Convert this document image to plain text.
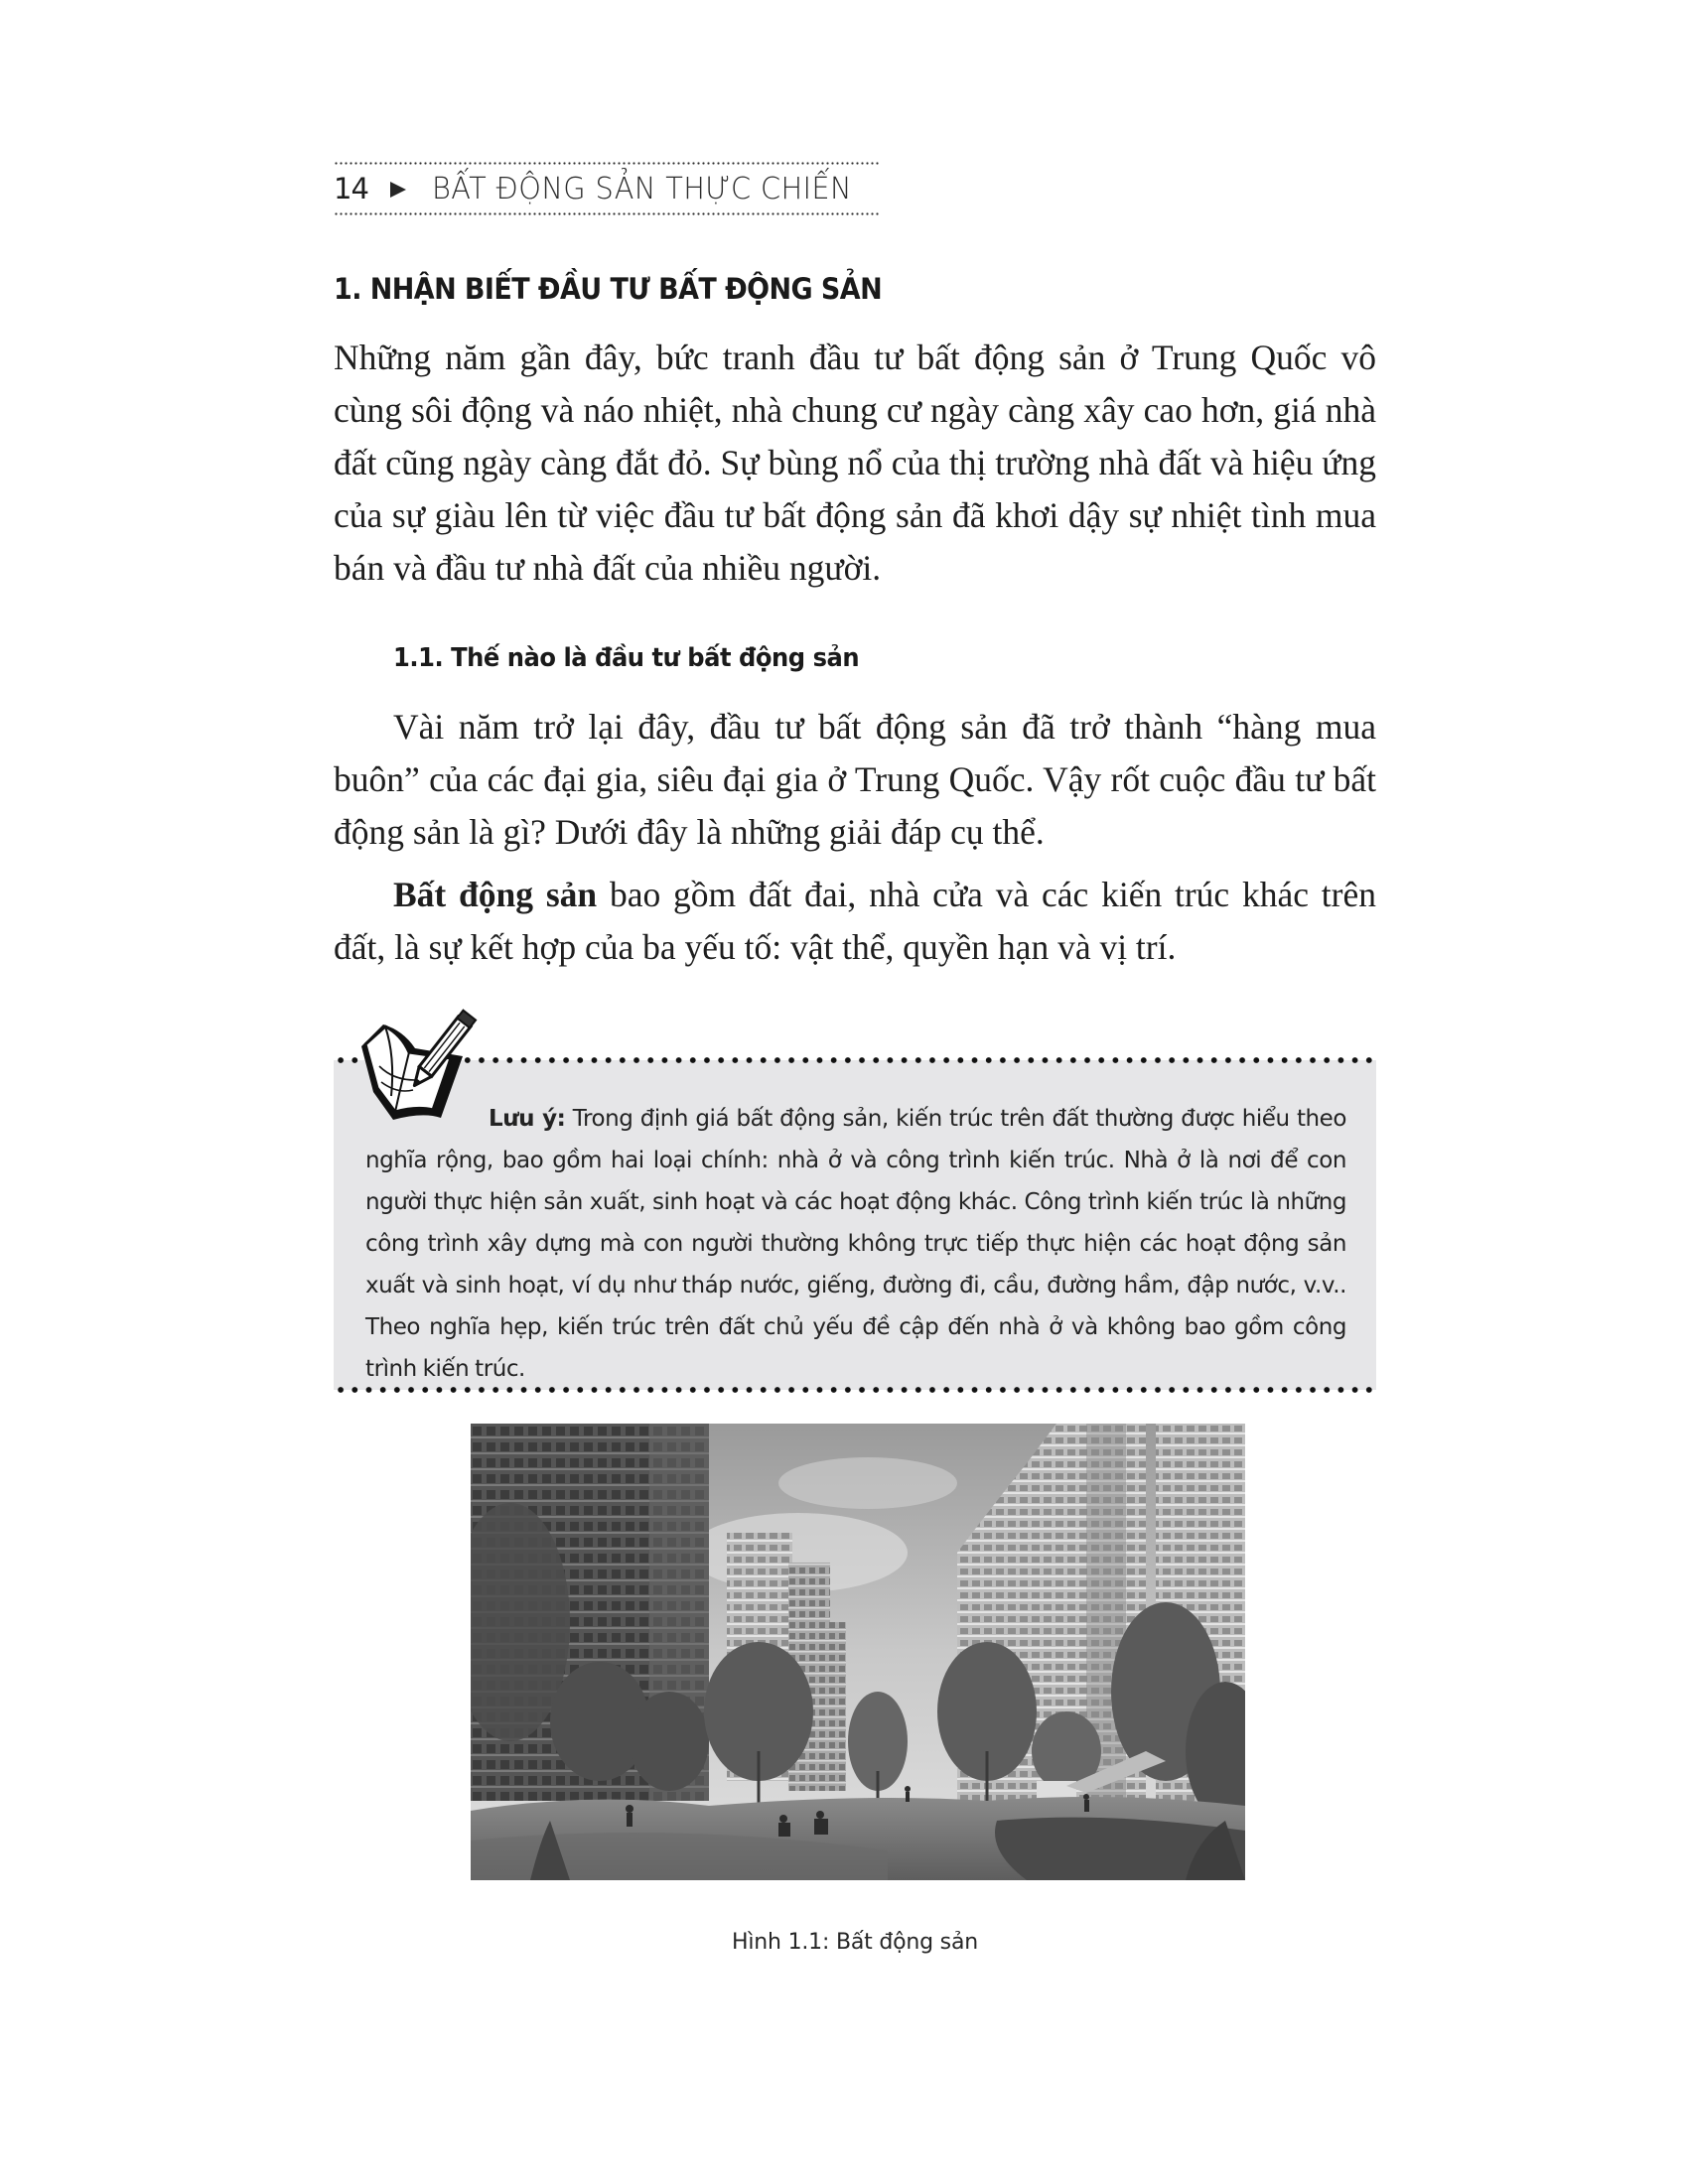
14 BẤT ĐỘNG SẢN THỰC CHIẾN
1. NHẬN BIẾT ĐẦU TƯ BẤT ĐỘNG SẢN

Những năm gần đây, bức tranh đầu tư bất động sản ở Trung Quốc vô cùng sôi động và náo nhiệt, nhà chung cư ngày càng xây cao hơn, giá nhà đất cũng ngày càng đắt đỏ. Sự bùng nổ của thị trường nhà đất và hiệu ứng của sự giàu lên từ việc đầu tư bất động sản đã khơi dậy sự nhiệt tình mua bán và đầu tư nhà đất của nhiều người.

1.1. Thế nào là đầu tư bất động sản

Vài năm trở lại đây, đầu tư bất động sản đã trở thành “hàng mua buôn” của các đại gia, siêu đại gia ở Trung Quốc. Vậy rốt cuộc đầu tư bất động sản là gì? Dưới đây là những giải đáp cụ thể.

Bất động sản bao gồm đất đai, nhà cửa và các kiến trúc khác trên đất, là sự kết hợp của ba yếu tố: vật thể, quyền hạn và vị trí.

Lưu ý: Trong định giá bất động sản, kiến trúc trên đất thường được hiểu theo nghĩa rộng, bao gồm hai loại chính: nhà ở và công trình kiến trúc. Nhà ở là nơi để con người thực hiện sản xuất, sinh hoạt và các hoạt động khác. Công trình kiến trúc là những công trình xây dựng mà con người thường không trực tiếp thực hiện các hoạt động sản xuất và sinh hoạt, ví dụ như tháp nước, giếng, đường đi, cầu, đường hầm, đập nước, v.v.. Theo nghĩa hẹp, kiến trúc trên đất chủ yếu đề cập đến nhà ở và không bao gồm công trình kiến trúc.

Hình 1.1: Bất động sản
